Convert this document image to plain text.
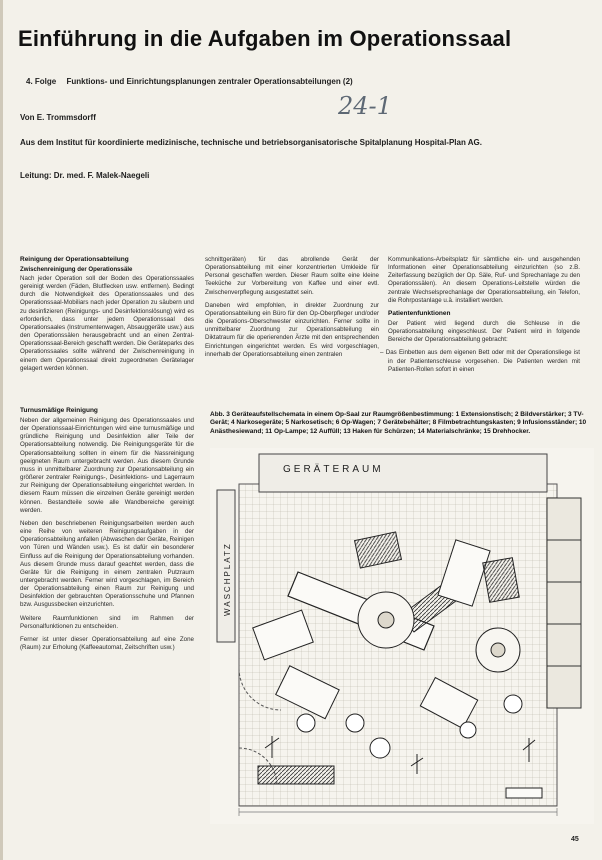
Einführung in die Aufgaben im Operationssaal
4. Folge Funktions- und Einrichtungsplanungen zentraler Operationsabteilungen (2)
24-1
Von E. Trommsdorff
Aus dem Institut für koordinierte medizinische, technische und betriebsorganisatorische Spitalplanung Hospital-Plan AG.
Leitung: Dr. med. F. Malek-Naegeli
Reinigung der Operationsabteilung
Zwischenreinigung der Operationssäle

Nach jeder Operation soll der Boden des Operationssaales gereinigt werden (Fäden, Blutflecken usw. entfernen). Bedingt durch die Notwendigkeit des Operationssaales und des Operationssaal-Mobiliars nach jeder Operation zu säubern und zu desinfizieren (Reinigungs- und Desinfektionslösung) wird es erforderlich, dass unter jedem Operationssaal des Operationsaales (Instrumentenwagen, Absauggeräte usw.) aus den Operationssälen herausgebracht und an einen Zentral-Operationssaal-Bereich geschafft werden. Die Geräteparks des Operationssaales sollte während der Zwischenreinigung in einem dem Operationssaal direkt zugeordneten Gerätelager gelagert werden können.

schnittgeräten) für das abrollende Gerät der Operationsabteilung mit einer konzentrierten Umkleide für Personal geschaffen werden. Dieser Raum sollte eine kleine Teeküche zur Vorbereitung von Kaffee und einer evtl. Zwischenverpflegung ausgestattet sein.

Daneben wird empfohlen, in direkter Zuordnung zur Operationsabteilung ein Büro für den Op-Oberpfleger und/oder die Operations-Oberschwester einzurichten. Ferner sollte in unmittelbarer Zuordnung zur Operationsabteilung ein Diktatraum für die operierenden Ärzte mit den entsprechenden Einrichtungen eingerichtet werden. Es wird vorgeschlagen, innerhalb der Operationsabteilung einen zentralen

Kommunikations-Arbeitsplatz für sämtliche ein- und ausgehenden Informationen einer Operationsabteilung einzurichten (so z.B. Zeiterfassung bezüglich der Op. Säle, Ruf- und Sprechanlage zu den Operationssälen). An diesem Operations-Leitstelle würden die zentrale Wechselsprechanlage der Operationsabteilung, ein Telefon, die Rohrpostanlage u.ä. installiert werden.

Patientenfunktionen

Der Patient wird liegend durch die Schleuse in die Operationsabteilung eingeschleust. Der Patient wird in folgende Bereiche der Operationsabteilung gebracht:

– Das Einbetten aus dem eigenen Bett oder mit der Operationsliege ist in der Patientenschleuse vorgesehen. Die Patienten werden mit Patienten-Rollen sofort in einen

Turnusmäßige Reinigung

Neben der allgemeinen Reinigung des Operationssaales und der Operationssaal-Einrichtungen wird eine turnusmäßige und gründliche Reinigung und Desinfektion aller Teile der Operationsabteilung notwendig. Die Reinigungsgeräte für die Operationsabteilung sollten in einem für die Nassreinigung geeigneten Raum untergebracht werden. Aus diesem Grunde muss in unmittelbarer Zuordnung zur Operationsabteilung ein größerer zentraler Reinigungs-, Desinfektions- und Lagerraum zur Reinigung der Operationsabteilung eingerichtet werden. In diesem Raum müssen die einzelnen Geräte gereinigt werden können. Bestandteile sowie alle Wandbereiche gereinigt werden.

Neben den beschriebenen Reinigungsarbeiten werden auch eine Reihe von weiteren Reinigungsaufgaben in der Operationsabteilung anfallen (Abwaschen der Geräte, Reinigen von Türen und Wänden usw.). Es ist dafür ein besonderer Einfluss auf die Reinigung der Operationsabteilung vorhanden. Aus diesem Grunde muss darauf geachtet werden, dass die Geräte für die Reinigung in einem zentralen Putzraum untergebracht werden. Ferner wird vorgeschlagen, im Bereich der Operationsabteilung einen Raum zur Reinigung und Desinfektion der gebrauchten Operationsschuhe und Pfannen bzw. Ausgussbecken einzurichten.

Weitere Raumfunktionen sind im Rahmen der Personalfunktionen zu entscheiden.

Ferner ist unter dieser Operationsabteilung auf eine Zone (Raum) zur Erholung (Kaffeeautomat, Zeitschriften usw.)

Abb. 3 Geräteaufstellschemata in einem Op-Saal zur Raumgrößenbestimmung: 1 Extensionstisch; 2 Bildverstärker; 3 TV-Gerät; 4 Narkosegeräte; 5 Narkosetisch; 6 Op-Wagen; 7 Gerätebehälter; 8 Filmbetrachtungskasten; 9 Infusionsständer; 10 Anästhesiewand; 11 Op-Lampe; 12 Auffüll; 13 Haken für Schürzen; 14 Materialschränke; 15 Drehhocker.
GERÄTERAUM
WASCHPLATZ
45
